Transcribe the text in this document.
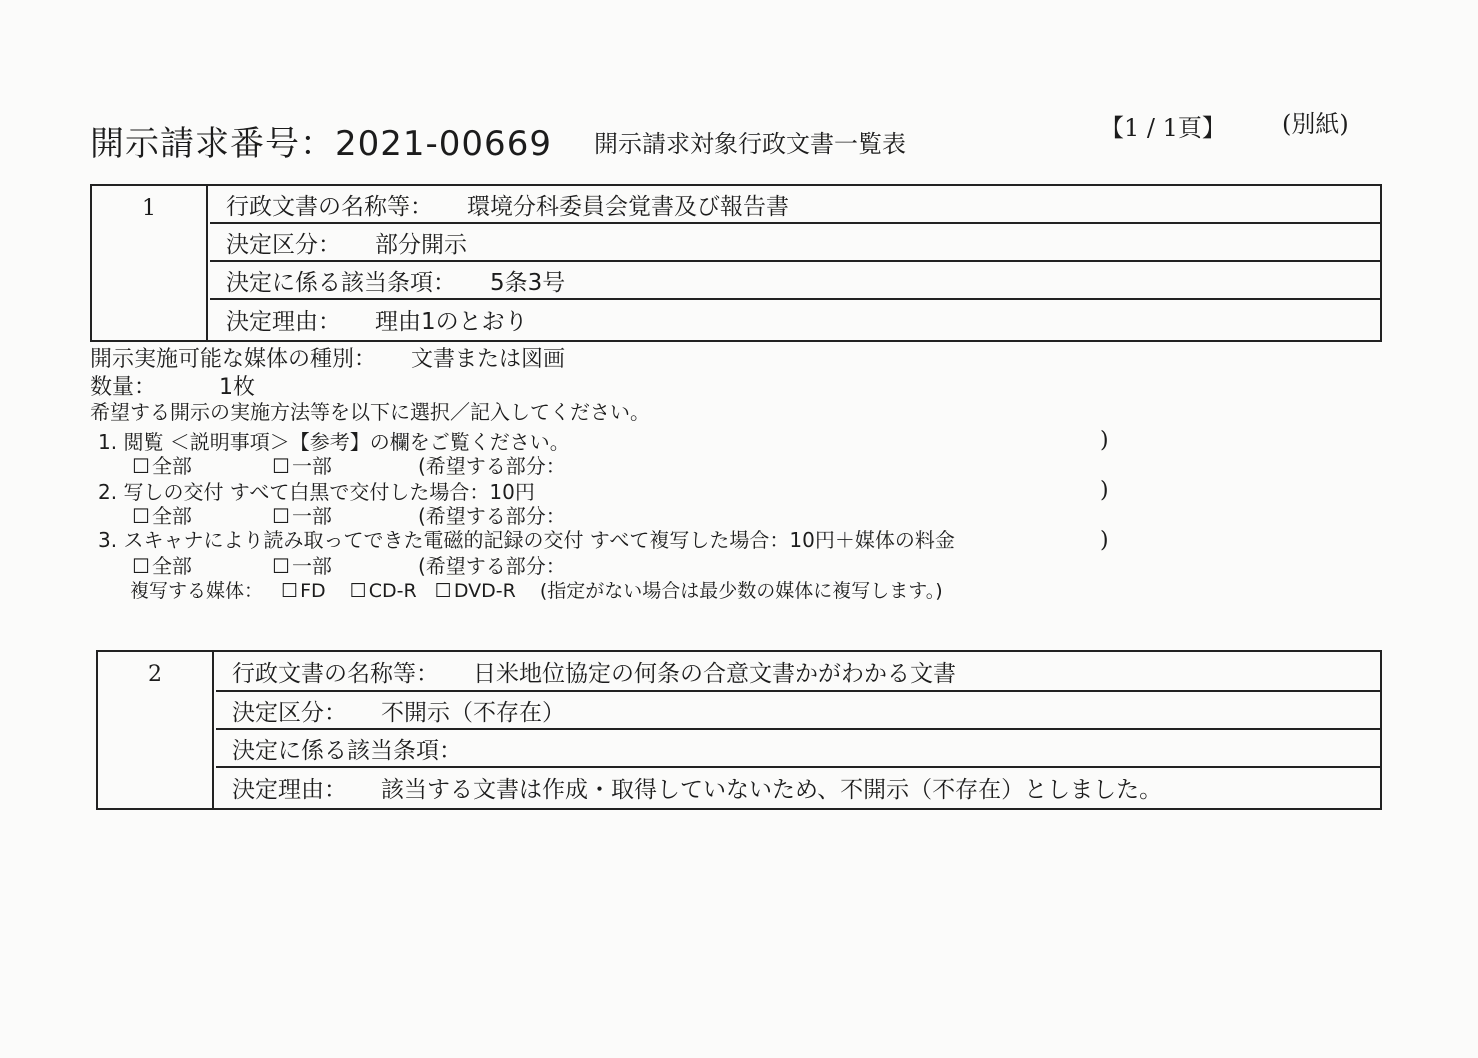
開示請求番号：2021-00669 開示請求対象行政文書一覧表
【1 / 1頁】 (別紙)
1	行政文書の名称等： 環境分科委員会覚書及び報告書
決定区分： 部分開示
決定に係る該当条項： 5条3号
決定理由： 理由1のとおり
開示実施可能な媒体の種別： 文書または図画
数量：	1枚
希望する開示の実施方法等を以下に選択／記入してください。
1. 閲覧 ＜説明事項＞【参考】の欄をご覧ください。	)
☐ 全部	☐ 一部	(希望する部分：
2. 写しの交付 すべて白黒で交付した場合：10円	)
☐ 全部	☐ 一部	(希望する部分：
3. スキャナにより読み取ってできた電磁的記録の交付 すべて複写した場合：10円＋媒体の料金	)
☐ 全部	☐ 一部	(希望する部分：
複写する媒体： ☐ FD ☐ CD-R ☐ DVD-R (指定がない場合は最少数の媒体に複写します。)
2	行政文書の名称等： 日米地位協定の何条の合意文書かがわかる文書
決定区分： 不開示（不存在）
決定に係る該当条項：
決定理由： 該当する文書は作成・取得していないため、不開示（不存在）としました。
